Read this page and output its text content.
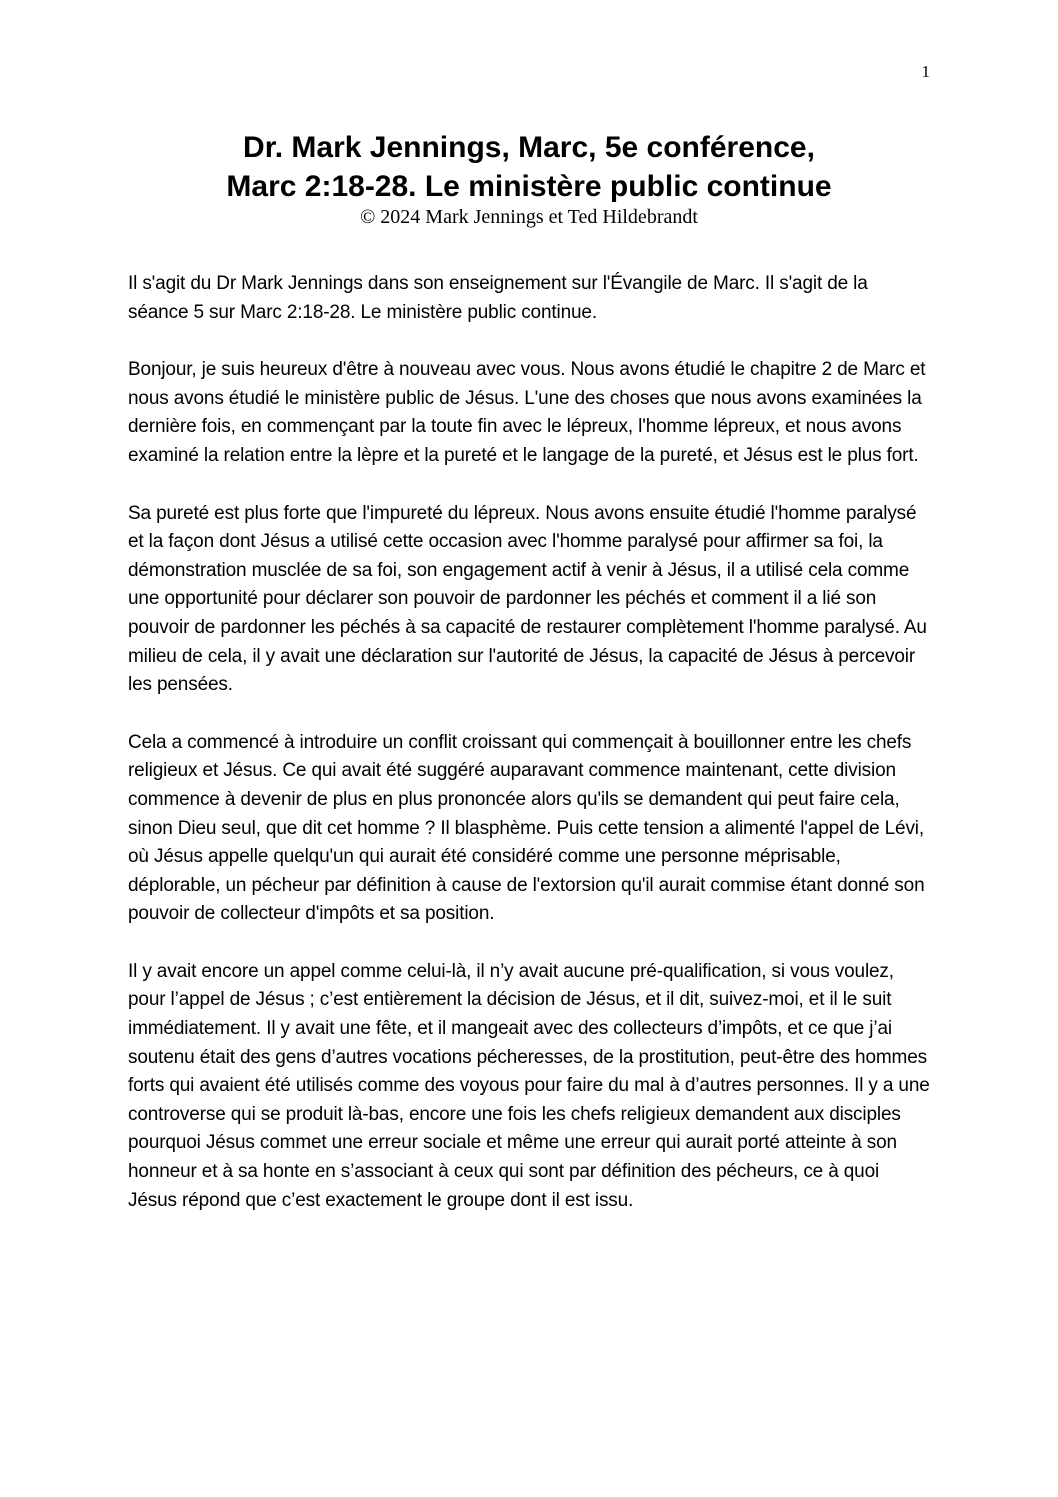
1
Dr. Mark Jennings, Marc, 5e conférence,
Marc 2:18-28. Le ministère public continue
© 2024 Mark Jennings et Ted Hildebrandt

Il s'agit du Dr Mark Jennings dans son enseignement sur l'Évangile de Marc. Il s'agit de la séance 5 sur Marc 2:18-28. Le ministère public continue.

Bonjour, je suis heureux d'être à nouveau avec vous. Nous avons étudié le chapitre 2 de Marc et nous avons étudié le ministère public de Jésus. L'une des choses que nous avons examinées la dernière fois, en commençant par la toute fin avec le lépreux, l'homme lépreux, et nous avons examiné la relation entre la lèpre et la pureté et le langage de la pureté, et Jésus est le plus fort.

Sa pureté est plus forte que l'impureté du lépreux. Nous avons ensuite étudié l'homme paralysé et la façon dont Jésus a utilisé cette occasion avec l'homme paralysé pour affirmer sa foi, la démonstration musclée de sa foi, son engagement actif à venir à Jésus, il a utilisé cela comme une opportunité pour déclarer son pouvoir de pardonner les péchés et comment il a lié son pouvoir de pardonner les péchés à sa capacité de restaurer complètement l'homme paralysé. Au milieu de cela, il y avait une déclaration sur l'autorité de Jésus, la capacité de Jésus à percevoir les pensées.

Cela a commencé à introduire un conflit croissant qui commençait à bouillonner entre les chefs religieux et Jésus. Ce qui avait été suggéré auparavant commence maintenant, cette division commence à devenir de plus en plus prononcée alors qu'ils se demandent qui peut faire cela, sinon Dieu seul, que dit cet homme ? Il blasphème. Puis cette tension a alimenté l'appel de Lévi, où Jésus appelle quelqu'un qui aurait été considéré comme une personne méprisable, déplorable, un pécheur par définition à cause de l'extorsion qu'il aurait commise étant donné son pouvoir de collecteur d'impôts et sa position.

Il y avait encore un appel comme celui-là, il n’y avait aucune pré-qualification, si vous voulez, pour l’appel de Jésus ; c’est entièrement la décision de Jésus, et il dit, suivez-moi, et il le suit immédiatement. Il y avait une fête, et il mangeait avec des collecteurs d’impôts, et ce que j’ai soutenu était des gens d’autres vocations pécheresses, de la prostitution, peut-être des hommes forts qui avaient été utilisés comme des voyous pour faire du mal à d’autres personnes. Il y a une controverse qui se produit là-bas, encore une fois les chefs religieux demandent aux disciples pourquoi Jésus commet une erreur sociale et même une erreur qui aurait porté atteinte à son honneur et à sa honte en s’associant à ceux qui sont par définition des pécheurs, ce à quoi Jésus répond que c’est exactement le groupe dont il est issu.
